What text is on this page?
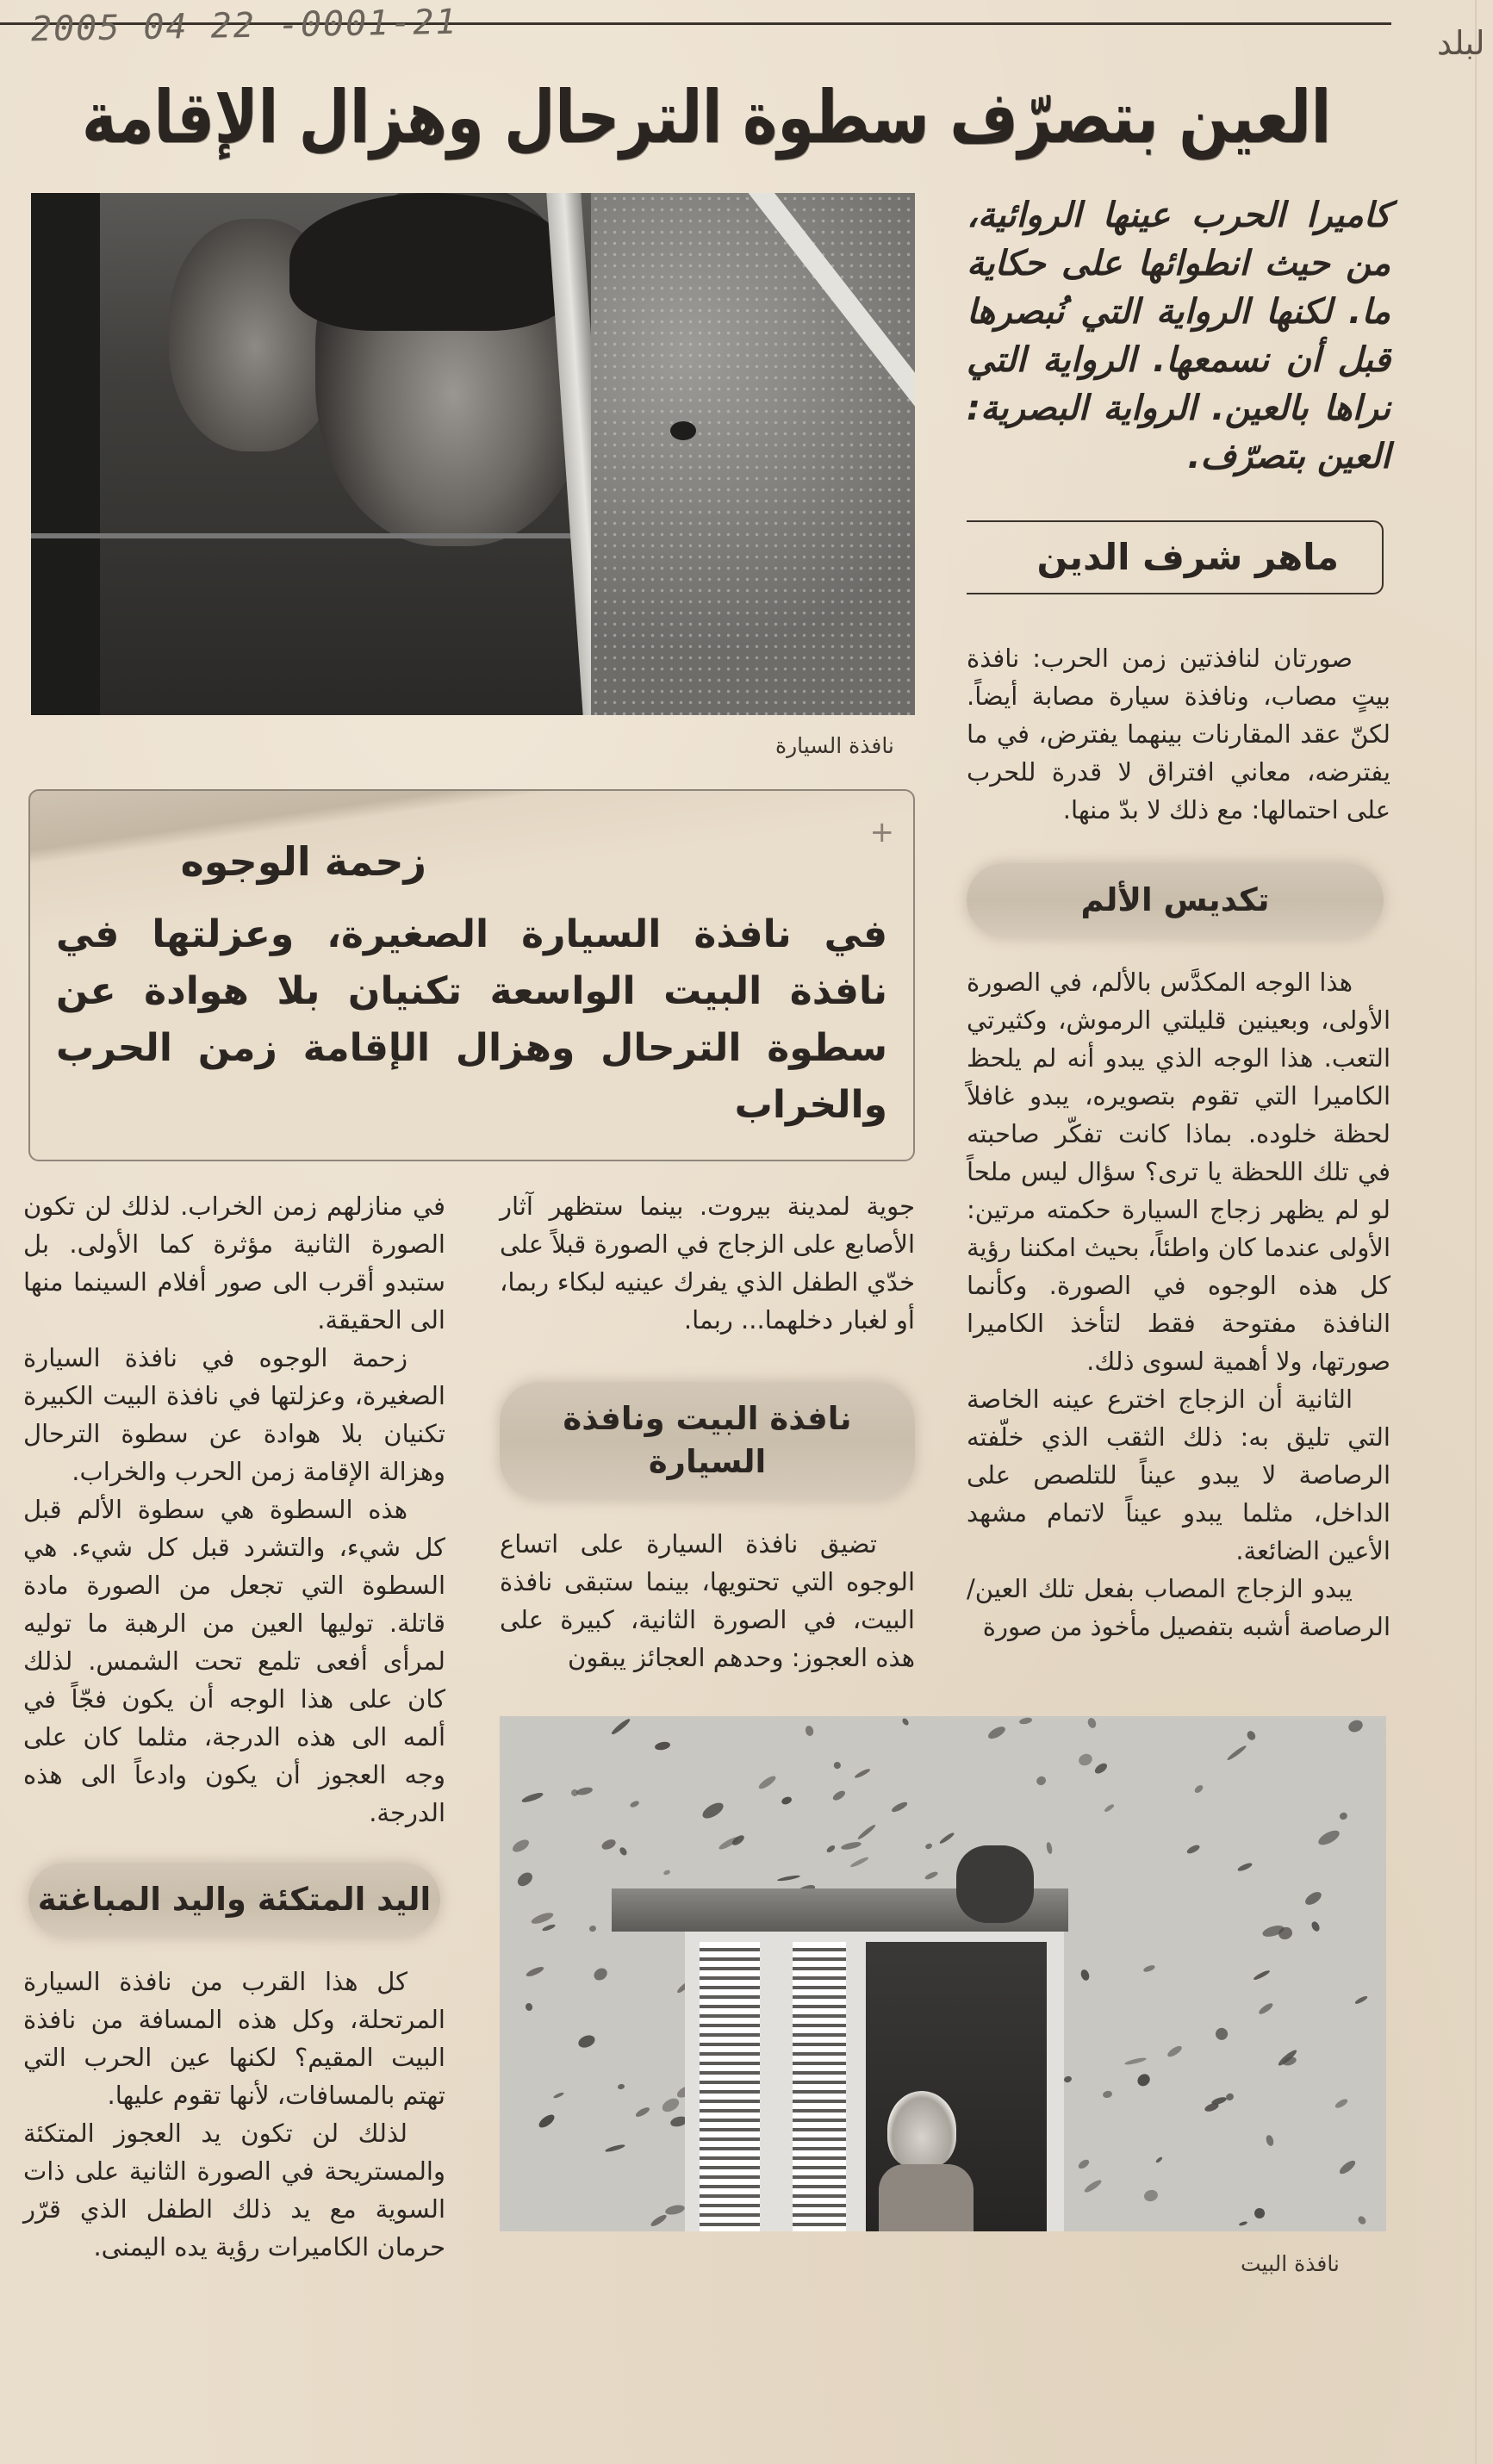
2005 04 22 -0001-21	لبلد
العين بتصرّف سطوة الترحال وهزال الإقامة
نافذة السيارة
كاميرا الحرب عينها الروائية، من حيث انطوائها على حكاية ما. لكنها الرواية التي نُبصرها قبل أن نسمعها. الرواية التي نراها بالعين. الرواية البصرية: العين بتصرّف.
ماهر شرف الدين

صورتان لنافذتين زمن الحرب: نافذة بيتٍ مصاب، ونافذة سيارة مصابة أيضاً. لكنّ عقد المقارنات بينهما يفترض، في ما يفترضه، معاني افتراق لا قدرة للحرب على احتمالها: مع ذلك لا بدّ منها.

تكديس الألم

هذا الوجه المكدَّس بالألم، في الصورة الأولى، وبعينين قليلتي الرموش، وكثيرتي التعب. هذا الوجه الذي يبدو أنه لم يلحظ الكاميرا التي تقوم بتصويره، يبدو غافلاً لحظة خلوده. بماذا كانت تفكّر صاحبته في تلك اللحظة يا ترى؟ سؤال ليس ملحاً لو لم يظهر زجاج السيارة حكمته مرتين: الأولى عندما كان واطئاً، بحيث امكننا رؤية كل هذه الوجوه في الصورة. وكأنما النافذة مفتوحة فقط لتأخذ الكاميرا صورتها، ولا أهمية لسوى ذلك.

الثانية أن الزجاج اخترع عينه الخاصة التي تليق به: ذلك الثقب الذي خلّفته الرصاصة لا يبدو عيناً للتلصص على الداخل، مثلما يبدو عيناً لاتمام مشهد الأعين الضائعة.

يبدو الزجاج المصاب بفعل تلك العين/ الرصاصة أشبه بتفصيل مأخوذ من صورة

+
زحمة الوجوه
في نافذة السيارة الصغيرة، وعزلتها في نافذة البيت الواسعة تكنيان بلا هوادة عن سطوة الترحال وهزال الإقامة زمن الحرب والخراب

جوية لمدينة بيروت. بينما ستظهر آثار الأصابع على الزجاج في الصورة قبلاً على خدّي الطفل الذي يفرك عينيه لبكاء ربما، أو لغبار دخلهما... ربما.

نافذة البيت ونافذة السيارة

تضيق نافذة السيارة على اتساع الوجوه التي تحتويها، بينما ستبقى نافذة البيت، في الصورة الثانية، كبيرة على هذه العجوز: وحدهم العجائز يبقون

في منازلهم زمن الخراب. لذلك لن تكون الصورة الثانية مؤثرة كما الأولى. بل ستبدو أقرب الى صور أفلام السينما منها الى الحقيقة.

زحمة الوجوه في نافذة السيارة الصغيرة، وعزلتها في نافذة البيت الكبيرة تكنيان بلا هوادة عن سطوة الترحال وهزالة الإقامة زمن الحرب والخراب.

هذه السطوة هي سطوة الألم قبل كل شيء، والتشرد قبل كل شيء. هي السطوة التي تجعل من الصورة مادة قاتلة. توليها العين من الرهبة ما توليه لمرأى أفعى تلمع تحت الشمس. لذلك كان على هذا الوجه أن يكون فجّاً في ألمه الى هذه الدرجة، مثلما كان على وجه العجوز أن يكون وادعاً الى هذه الدرجة.

اليد المتكئة واليد المباغتة

كل هذا القرب من نافذة السيارة المرتحلة، وكل هذه المسافة من نافذة البيت المقيم؟ لكنها عين الحرب التي تهتم بالمسافات، لأنها تقوم عليها.

لذلك لن تكون يد العجوز المتكئة والمستريحة في الصورة الثانية على ذات السوية مع يد ذلك الطفل الذي قرّر حرمان الكاميرات رؤية يده اليمنى.

نافذة البيت
